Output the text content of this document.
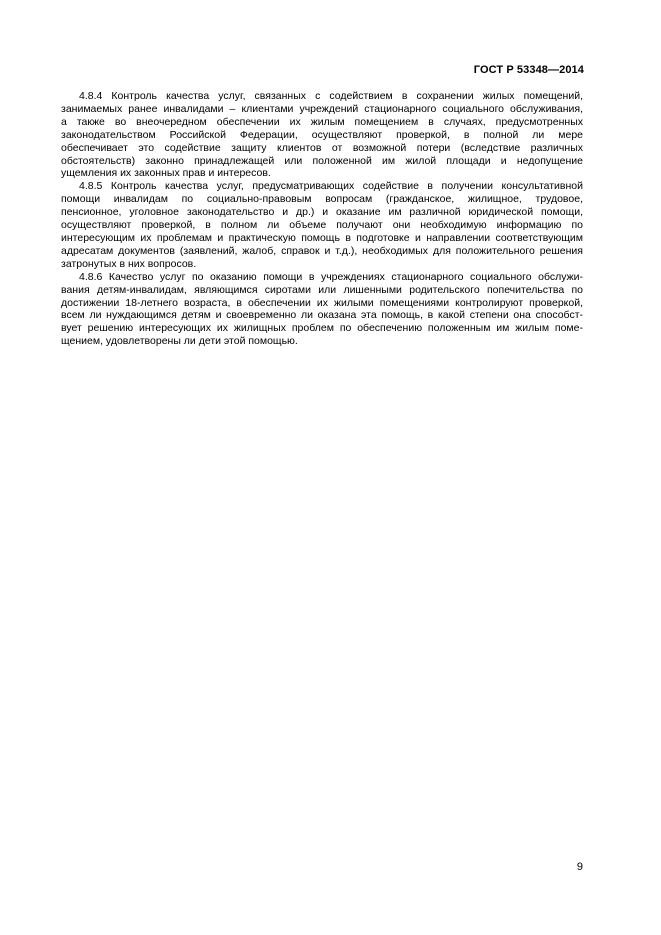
ГОСТ Р 53348—2014

4.8.4 Контроль качества услуг, связанных с содействием в сохранении жилых помещений,
занимаемых ранее инвалидами – клиентами учреждений стационарного социального обслуживания,
а также во внеочередном обеспечении их жилым помещением в случаях, предусмотренных
законодательством Российской Федерации, осуществляют проверкой, в полной ли мере
обеспечивает это содействие защиту клиентов от возможной потери (вследствие различных
обстоятельств) законно принадлежащей или положенной им жилой площади и недопущение
ущемления их законных прав и интересов.

4.8.5 Контроль качества услуг, предусматривающих содействие в получении консультативной
помощи инвалидам по социально-правовым вопросам (гражданское, жилищное, трудовое,
пенсионное, уголовное законодательство и др.) и оказание им различной юридической помощи,
осуществляют проверкой, в полном ли объеме получают они необходимую информацию по
интересующим их проблемам и практическую помощь в подготовке и направлении соответствующим
адресатам документов (заявлений, жалоб, справок и т.д.), необходимых для положительного решения
затронутых в них вопросов.

4.8.6 Качество услуг по оказанию помощи в учреждениях стационарного социального обслужи-
вания детям-инвалидам, являющимся сиротами или лишенными родительского попечительства по
достижении 18-летнего возраста, в обеспечении их жилыми помещениями контролируют проверкой,
всем ли нуждающимся детям и своевременно ли оказана эта помощь, в какой степени она способст-
вует решению интересующих их жилищных проблем по обеспечению положенным им жилым поме-
щением, удовлетворены ли дети этой помощью.

9
